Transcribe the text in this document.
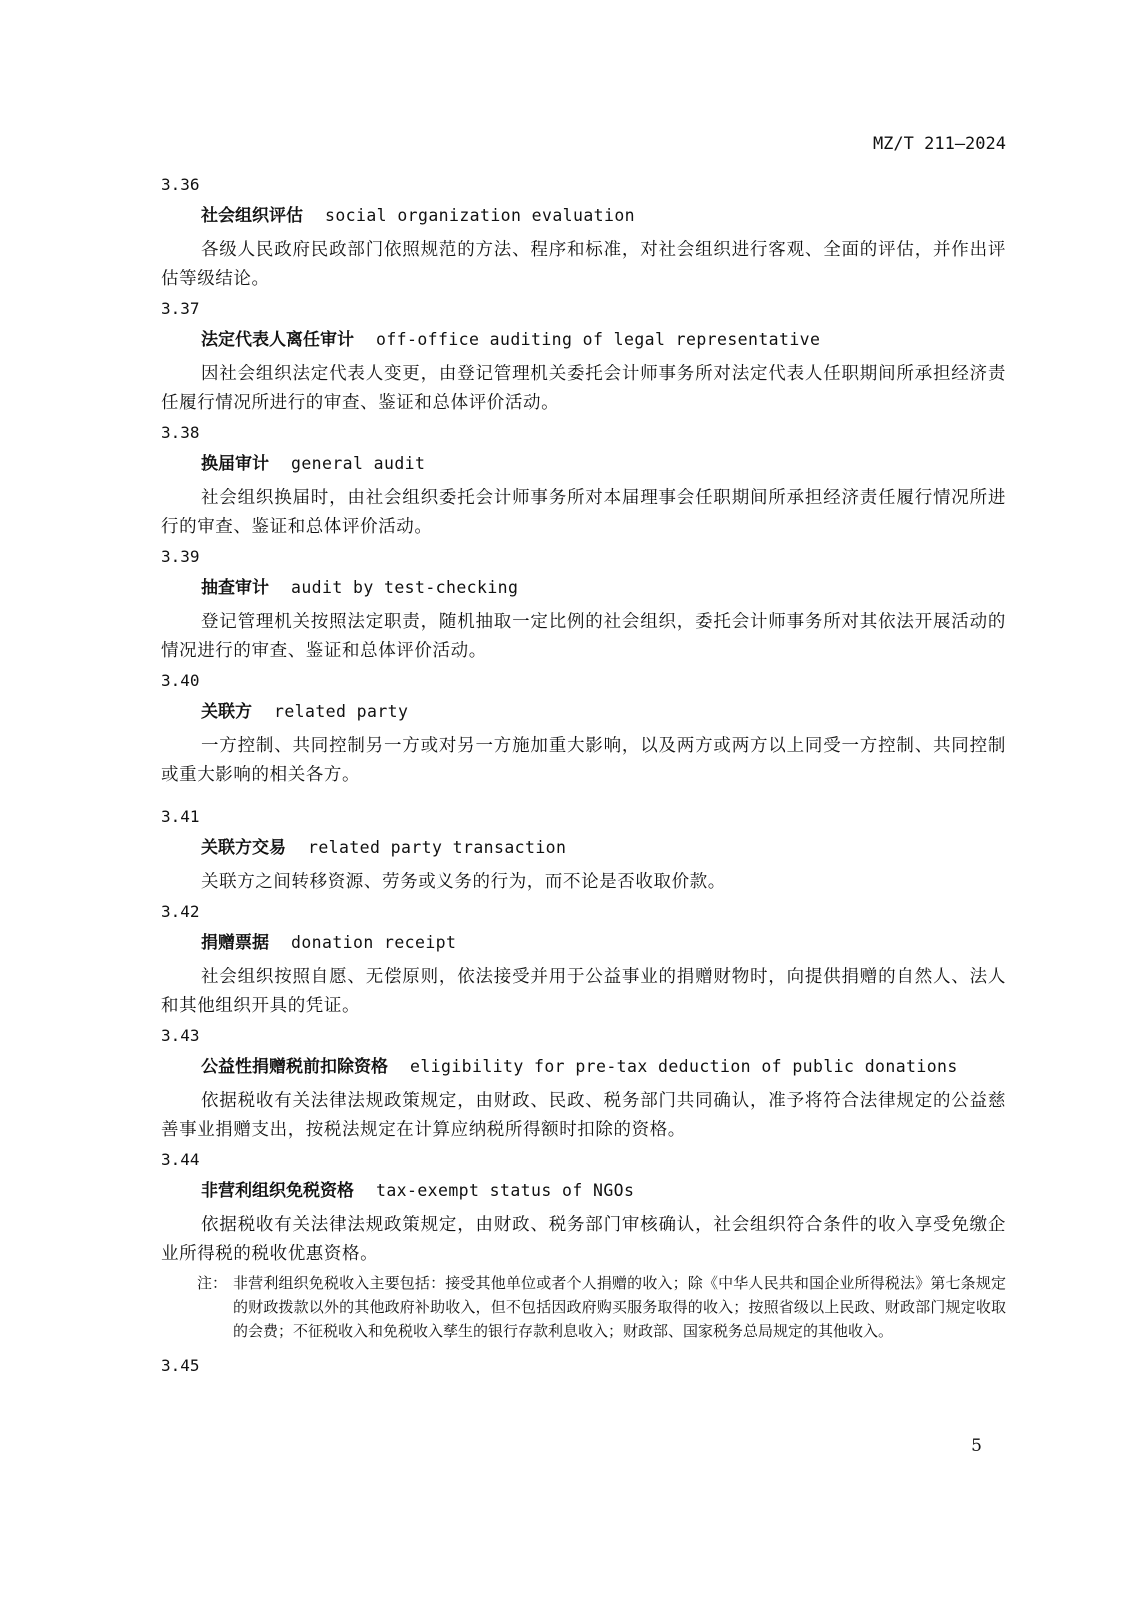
MZ/T 211—2024
3.36
社会组织评估 social organization evaluation
各级人民政府民政部门依照规范的方法、程序和标准，对社会组织进行客观、全面的评估，并作出评估等级结论。
3.37
法定代表人离任审计 off-office auditing of legal representative
因社会组织法定代表人变更，由登记管理机关委托会计师事务所对法定代表人任职期间所承担经济责任履行情况所进行的审查、鉴证和总体评价活动。
3.38
换届审计 general audit
社会组织换届时，由社会组织委托会计师事务所对本届理事会任职期间所承担经济责任履行情况所进行的审查、鉴证和总体评价活动。
3.39
抽查审计 audit by test-checking
登记管理机关按照法定职责，随机抽取一定比例的社会组织，委托会计师事务所对其依法开展活动的情况进行的审查、鉴证和总体评价活动。
3.40
关联方 related party
一方控制、共同控制另一方或对另一方施加重大影响，以及两方或两方以上同受一方控制、共同控制或重大影响的相关各方。
3.41
关联方交易 related party transaction
关联方之间转移资源、劳务或义务的行为，而不论是否收取价款。
3.42
捐赠票据 donation receipt
社会组织按照自愿、无偿原则，依法接受并用于公益事业的捐赠财物时，向提供捐赠的自然人、法人和其他组织开具的凭证。
3.43
公益性捐赠税前扣除资格 eligibility for pre-tax deduction of public donations
依据税收有关法律法规政策规定，由财政、民政、税务部门共同确认，准予将符合法律规定的公益慈善事业捐赠支出，按税法规定在计算应纳税所得额时扣除的资格。
3.44
非营利组织免税资格 tax-exempt status of NGOs
依据税收有关法律法规政策规定，由财政、税务部门审核确认，社会组织符合条件的收入享受免缴企业所得税的税收优惠资格。
注： 非营利组织免税收入主要包括：接受其他单位或者个人捐赠的收入；除《中华人民共和国企业所得税法》第七条规定的财政拨款以外的其他政府补助收入，但不包括因政府购买服务取得的收入；按照省级以上民政、财政部门规定收取的会费；不征税收入和免税收入孳生的银行存款利息收入；财政部、国家税务总局规定的其他收入。
3.45
5
